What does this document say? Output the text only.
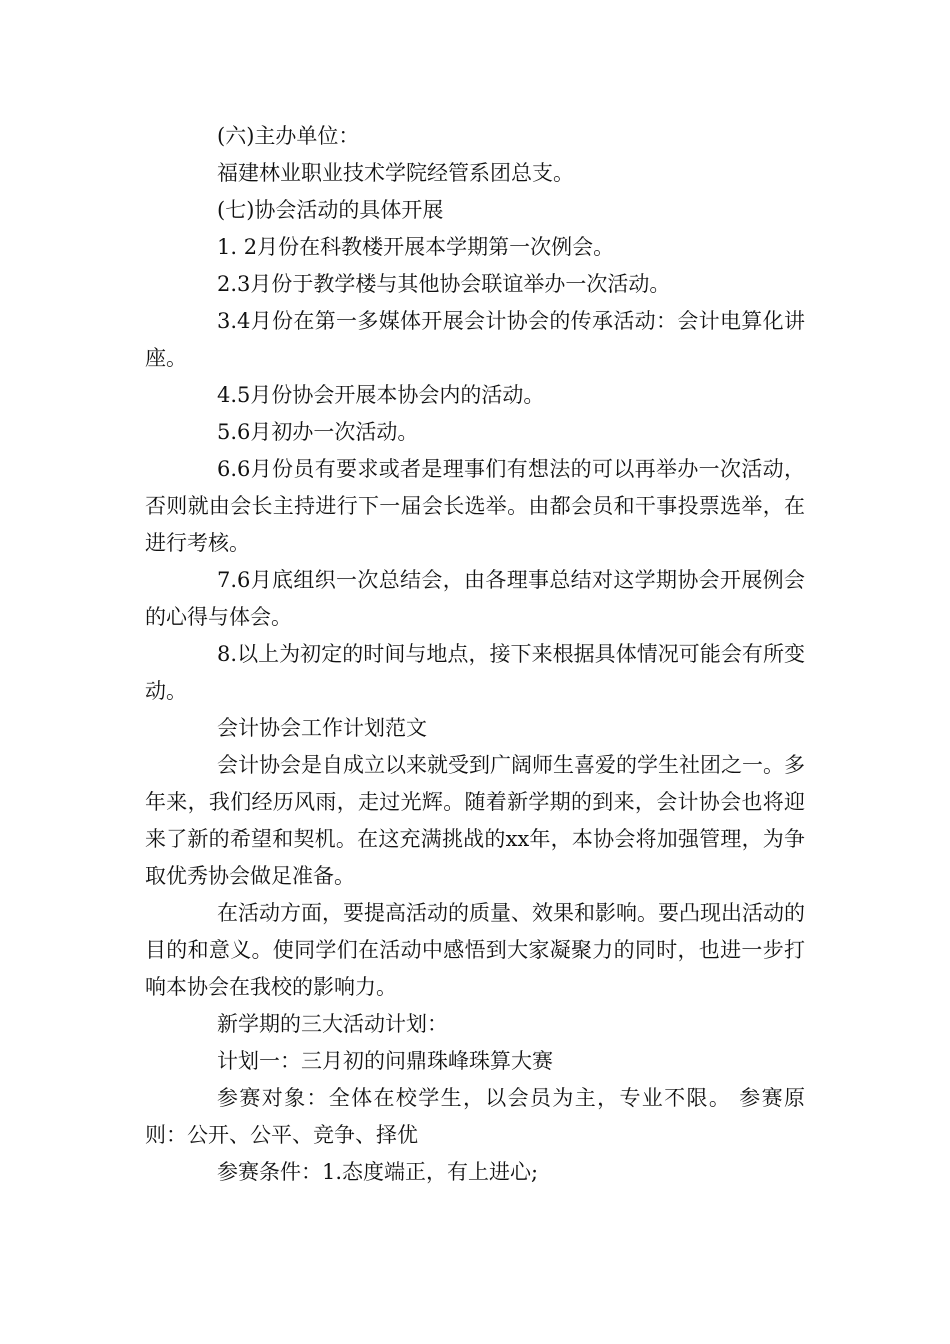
(六)主办单位：

福建林业职业技术学院经管系团总支。

(七)协会活动的具体开展

1. 2月份在科教楼开展本学期第一次例会。

2.3月份于教学楼与其他协会联谊举办一次活动。

3.4月份在第一多媒体开展会计协会的传承活动：会计电算化讲座。

4.5月份协会开展本协会内的活动。

5.6月初办一次活动。

6.6月份员有要求或者是理事们有想法的可以再举办一次活动，否则就由会长主持进行下一届会长选举。由都会员和干事投票选举，在进行考核。

7.6月底组织一次总结会，由各理事总结对这学期协会开展例会的心得与体会。

8.以上为初定的时间与地点，接下来根据具体情况可能会有所变动。

会计协会工作计划范文

会计协会是自成立以来就受到广阔师生喜爱的学生社团之一。多年来，我们经历风雨，走过光辉。随着新学期的到来，会计协会也将迎来了新的希望和契机。在这充满挑战的xx年，本协会将加强管理，为争取优秀协会做足准备。

在活动方面，要提高活动的质量、效果和影响。要凸现出活动的目的和意义。使同学们在活动中感悟到大家凝聚力的同时，也进一步打响本协会在我校的影响力。

新学期的三大活动计划：

计划一：三月初的问鼎珠峰珠算大赛

参赛对象：全体在校学生，以会员为主，专业不限。 参赛原则：公开、公平、竞争、择优

参赛条件：1.态度端正，有上进心;
